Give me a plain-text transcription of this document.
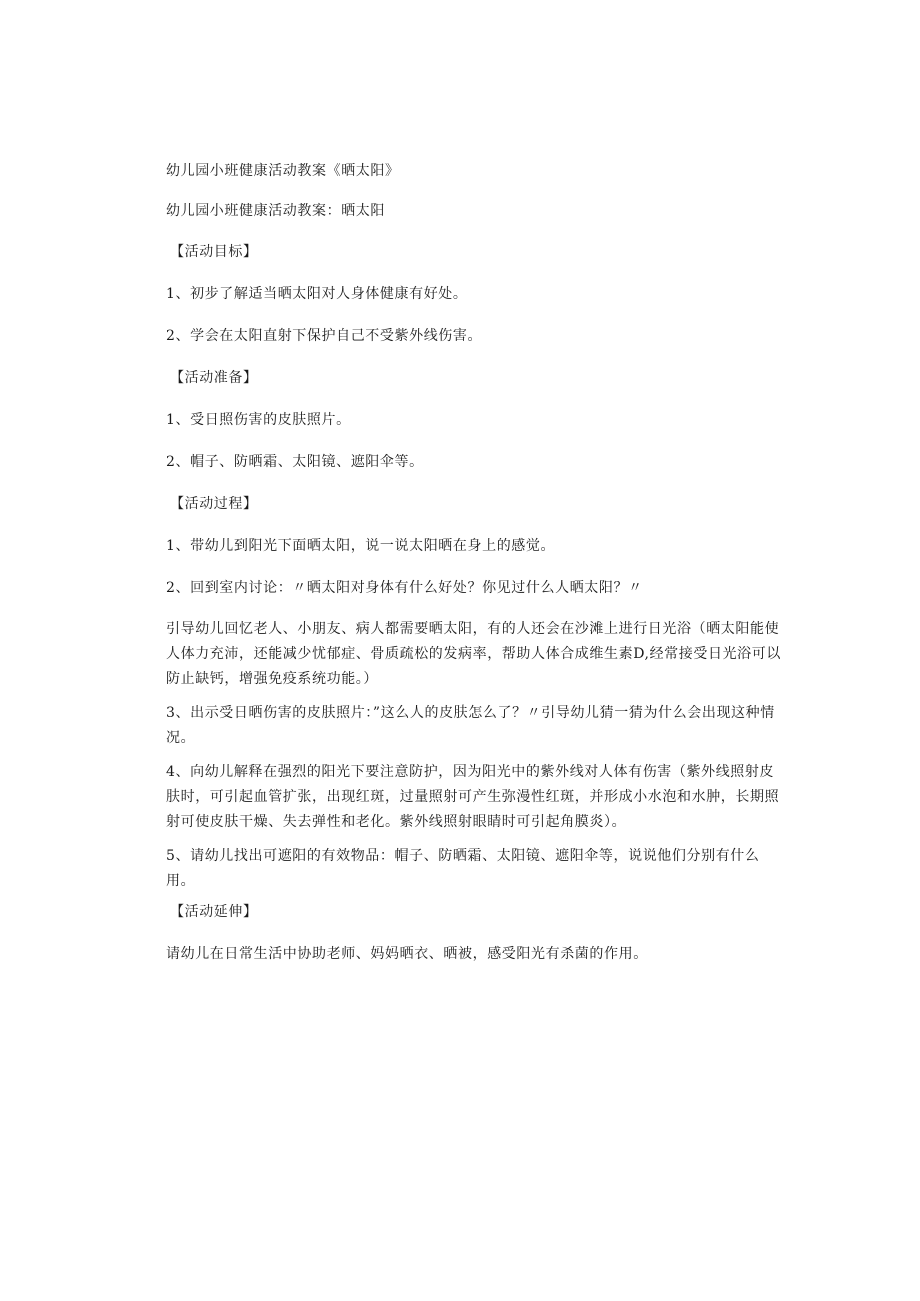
幼儿园小班健康活动教案《晒太阳》
幼儿园小班健康活动教案：晒太阳
【活动目标】
1、初步了解适当晒太阳对人身体健康有好处。
2、学会在太阳直射下保护自己不受紫外线伤害。
【活动准备】
1、受日照伤害的皮肤照片。
2、帽子、防晒霜、太阳镜、遮阳伞等。
【活动过程】
1、带幼儿到阳光下面晒太阳，说一说太阳晒在身上的感觉。
2、回到室内讨论：〃晒太阳对身体有什么好处？你见过什么人晒太阳？〃
引导幼儿回忆老人、小朋友、病人都需要晒太阳，有的人还会在沙滩上进行日光浴（晒太阳能使人体力充沛，还能减少忧郁症、骨质疏松的发病率，帮助人体合成维生素D,经常接受日光浴可以防止缺钙，增强免疫系统功能。）
3、出示受日晒伤害的皮肤照片：”这么人的皮肤怎么了？〃引导幼儿猜一猜为什么会出现这种情况。
4、向幼儿解释在强烈的阳光下要注意防护，因为阳光中的紫外线对人体有伤害（紫外线照射皮肤时，可引起血管扩张，出现红斑，过量照射可产生弥漫性红斑，并形成小水泡和水肿，长期照射可使皮肤干燥、失去弹性和老化。紫外线照射眼睛时可引起角膜炎）。
5、请幼儿找出可遮阳的有效物品：帽子、防晒霜、太阳镜、遮阳伞等，说说他们分别有什么用。
【活动延伸】
请幼儿在日常生活中协助老师、妈妈晒衣、晒被，感受阳光有杀菌的作用。
